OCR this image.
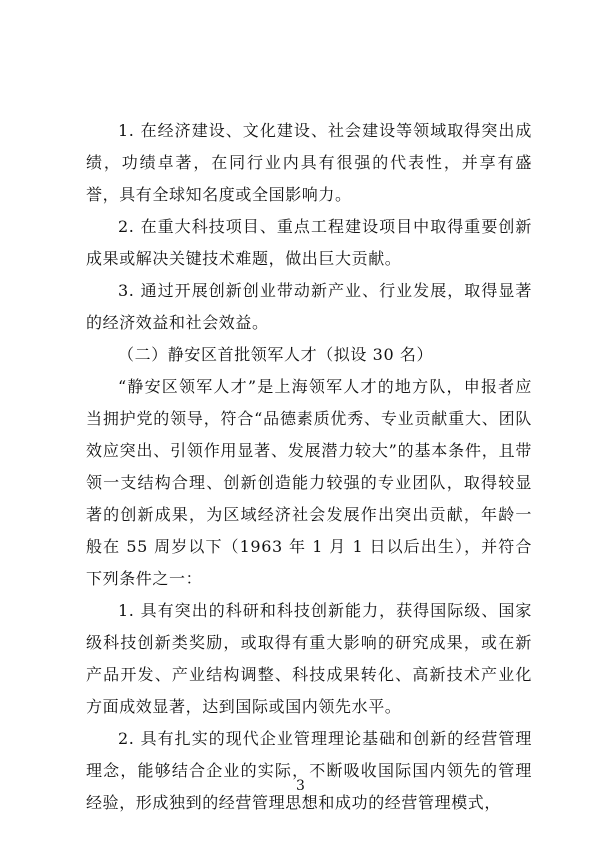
1. 在经济建设、文化建设、社会建设等领域取得突出成绩，功绩卓著，在同行业内具有很强的代表性，并享有盛誉，具有全球知名度或全国影响力。

2. 在重大科技项目、重点工程建设项目中取得重要创新成果或解决关键技术难题，做出巨大贡献。

3. 通过开展创新创业带动新产业、行业发展，取得显著的经济效益和社会效益。

（二）静安区首批领军人才（拟设 30 名）

“静安区领军人才”是上海领军人才的地方队，申报者应当拥护党的领导，符合“品德素质优秀、专业贡献重大、团队效应突出、引领作用显著、发展潜力较大”的基本条件，且带领一支结构合理、创新创造能力较强的专业团队，取得较显著的创新成果，为区域经济社会发展作出突出贡献，年龄一般在 55 周岁以下（1963 年 1 月 1 日以后出生），并符合下列条件之一：

1. 具有突出的科研和科技创新能力，获得国际级、国家级科技创新类奖励，或取得有重大影响的研究成果，或在新产品开发、产业结构调整、科技成果转化、高新技术产业化方面成效显著，达到国际或国内领先水平。

2. 具有扎实的现代企业管理理论基础和创新的经营管理理念，能够结合企业的实际，不断吸收国际国内领先的管理经验，形成独到的经营管理思想和成功的经营管理模式，

3
